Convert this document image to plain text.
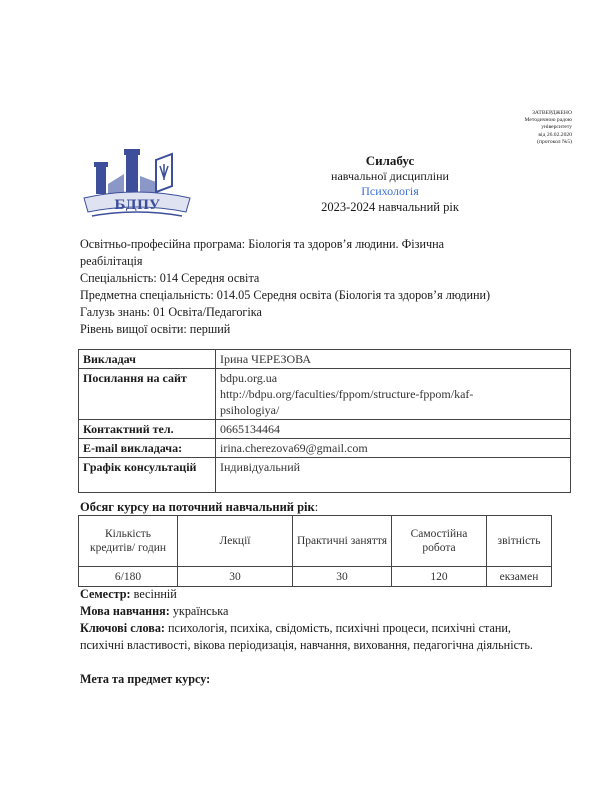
ЗАТВЕРДЖЕНО
Методичною радою
університету
від 26.02.2020
(протокол №5)
БДПУ
Силабус
навчальної дисципліни
Психологія
2023-2024 навчальний рік
Освітньо-професійна програма: Біологія та здоров’я людини. Фізична
реабілітація
Спеціальність: 014 Середня освіта
Предметна спеціальність: 014.05 Середня освіта (Біологія та здоров’я людини)
Галузь знань: 01 Освіта/Педагогіка
Рівень вищої освіти: перший
Викладач	Ірина ЧЕРЕЗОВА
Посилання на сайт	bdpu.org.ua
http://bdpu.org/faculties/fppom/structure-fppom/kaf-
psihologiya/

Контактний тел.	0665134464
E-mail викладача:	irina.cherezova69@gmail.com
Графік консультацій	Індивідуальний
Обсяг курсу на поточний навчальний рік:
Кількість кредитів/ годин	Лекції	Практичні заняття	Самостійна робота	звітність
6/180	30	30	120	екзамен
Семестр: весінній
Мова навчання: українська
Ключові слова: психологія, психіка, свідомість, психічні процеси, психічні стани, психічні властивості, вікова періодизація, навчання, виховання, педагогічна діяльність.
Мета та предмет курсу:
